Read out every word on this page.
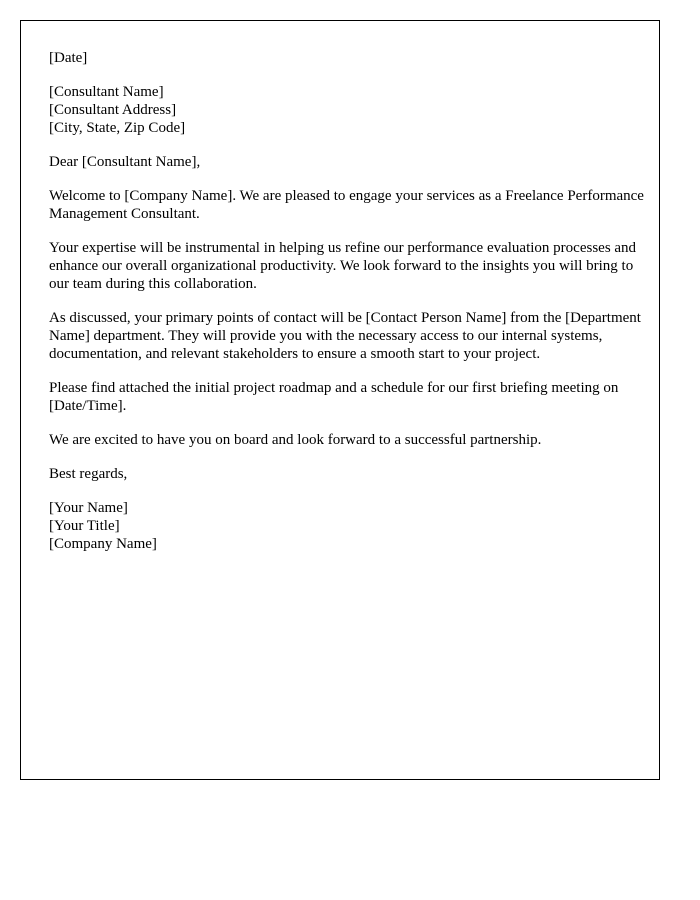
[Date]
[Consultant Name]
[Consultant Address]
[City, State, Zip Code]

Dear [Consultant Name],

Welcome to [Company Name]. We are pleased to engage your services as a Freelance Performance Management Consultant.

Your expertise will be instrumental in helping us refine our performance evaluation processes and enhance our overall organizational productivity. We look forward to the insights you will bring to our team during this collaboration.

As discussed, your primary points of contact will be [Contact Person Name] from the [Department Name] department. They will provide you with the necessary access to our internal systems, documentation, and relevant stakeholders to ensure a smooth start to your project.

Please find attached the initial project roadmap and a schedule for our first briefing meeting on [Date/Time].

We are excited to have you on board and look forward to a successful partnership.

Best regards,

[Your Name]
[Your Title]
[Company Name]
